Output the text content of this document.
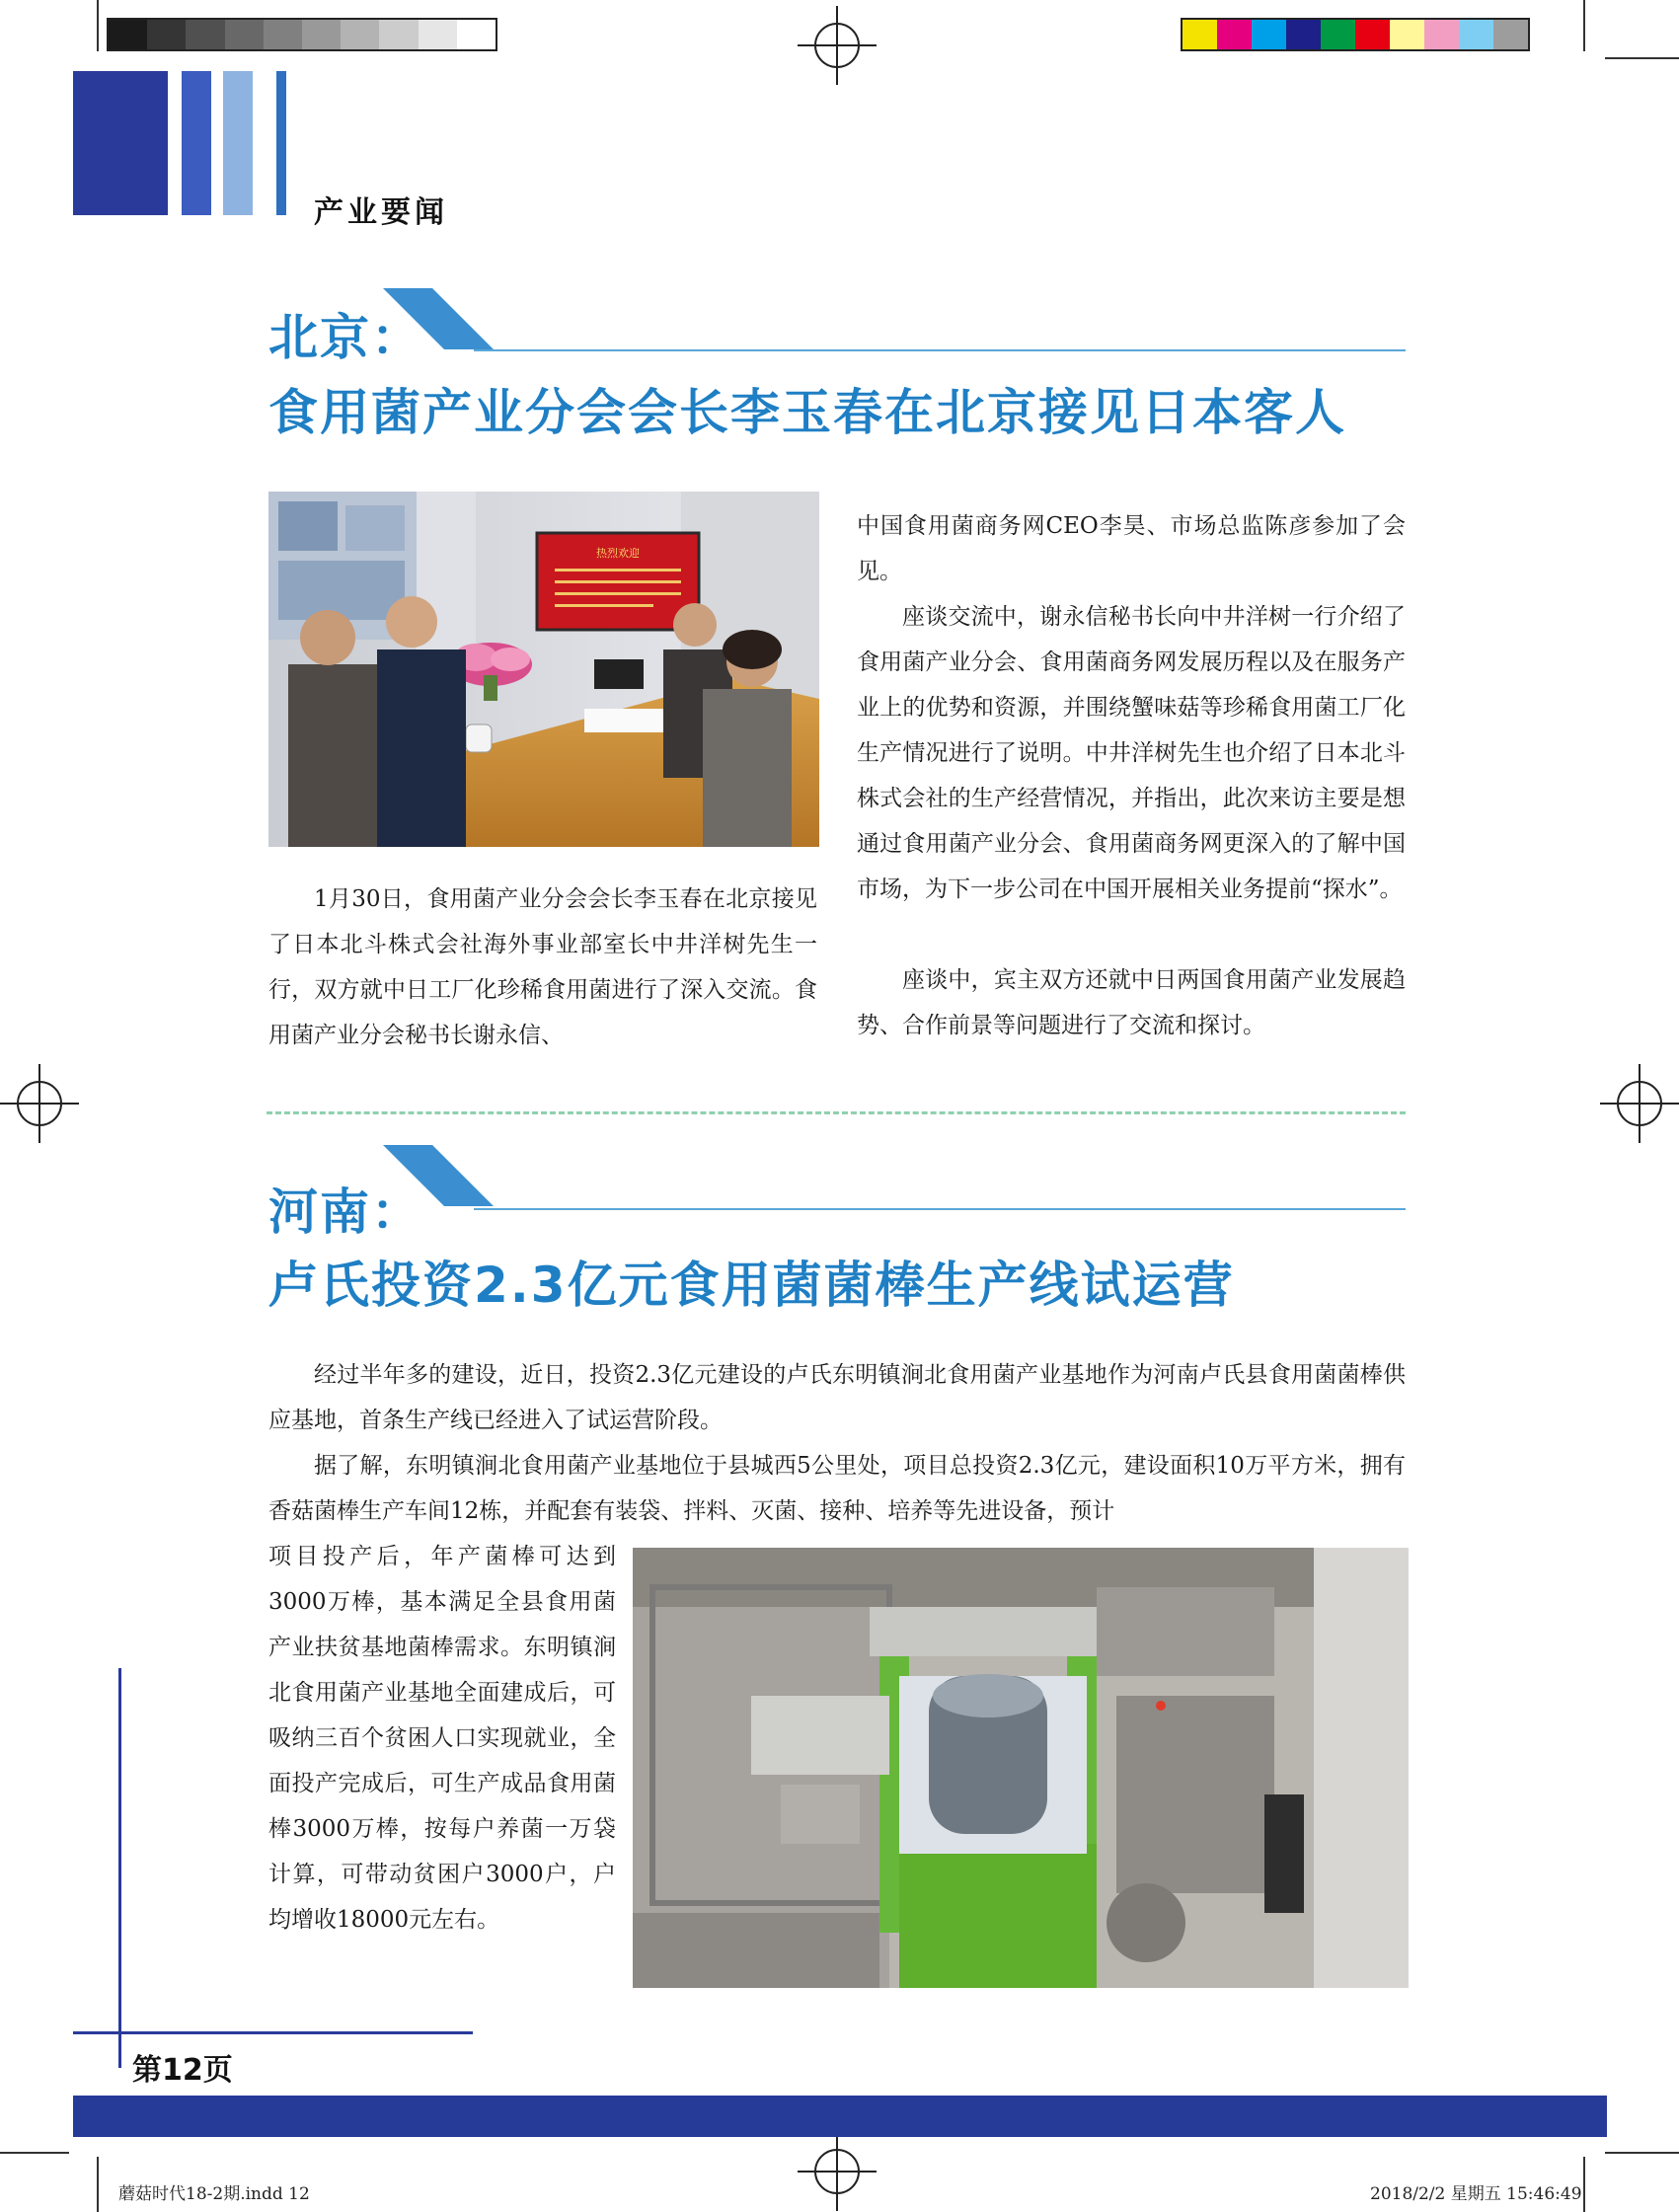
产业要闻
北京：
食用菌产业分会会长李玉春在北京接见日本客人
热烈欢迎
1月30日，食用菌产业分会会长李玉春在北京接见了日本北斗株式会社海外事业部室长中井洋树先生一行，双方就中日工厂化珍稀食用菌进行了深入交流。食用菌产业分会秘书长谢永信、
中国食用菌商务网CEO李昊、市场总监陈彦参加了会见。
座谈交流中，谢永信秘书长向中井洋树一行介绍了食用菌产业分会、食用菌商务网发展历程以及在服务产业上的优势和资源，并围绕蟹味菇等珍稀食用菌工厂化生产情况进行了说明。中井洋树先生也介绍了日本北斗株式会社的生产经营情况，并指出，此次来访主要是想通过食用菌产业分会、食用菌商务网更深入的了解中国市场，为下一步公司在中国开展相关业务提前“探水”。
座谈中，宾主双方还就中日两国食用菌产业发展趋势、合作前景等问题进行了交流和探讨。
河南：
卢氏投资2.3亿元食用菌菌棒生产线试运营
经过半年多的建设，近日，投资2.3亿元建设的卢氏东明镇涧北食用菌产业基地作为河南卢氏县食用菌菌棒供应基地，首条生产线已经进入了试运营阶段。
据了解，东明镇涧北食用菌产业基地位于县城西5公里处，项目总投资2.3亿元，建设面积10万平方米，拥有香菇菌棒生产车间12栋，并配套有装袋、拌料、灭菌、接种、培养等先进设备，预计
项目投产后，年产菌棒可达到3000万棒，基本满足全县食用菌产业扶贫基地菌棒需求。东明镇涧北食用菌产业基地全面建成后，可吸纳三百个贫困人口实现就业，全面投产完成后，可生产成品食用菌棒3000万棒，按每户养菌一万袋计算，可带动贫困户3000户，户均增收18000元左右。
第12页
蘑菇时代18-2期.indd 12	2018/2/2 星期五 15:46:49
